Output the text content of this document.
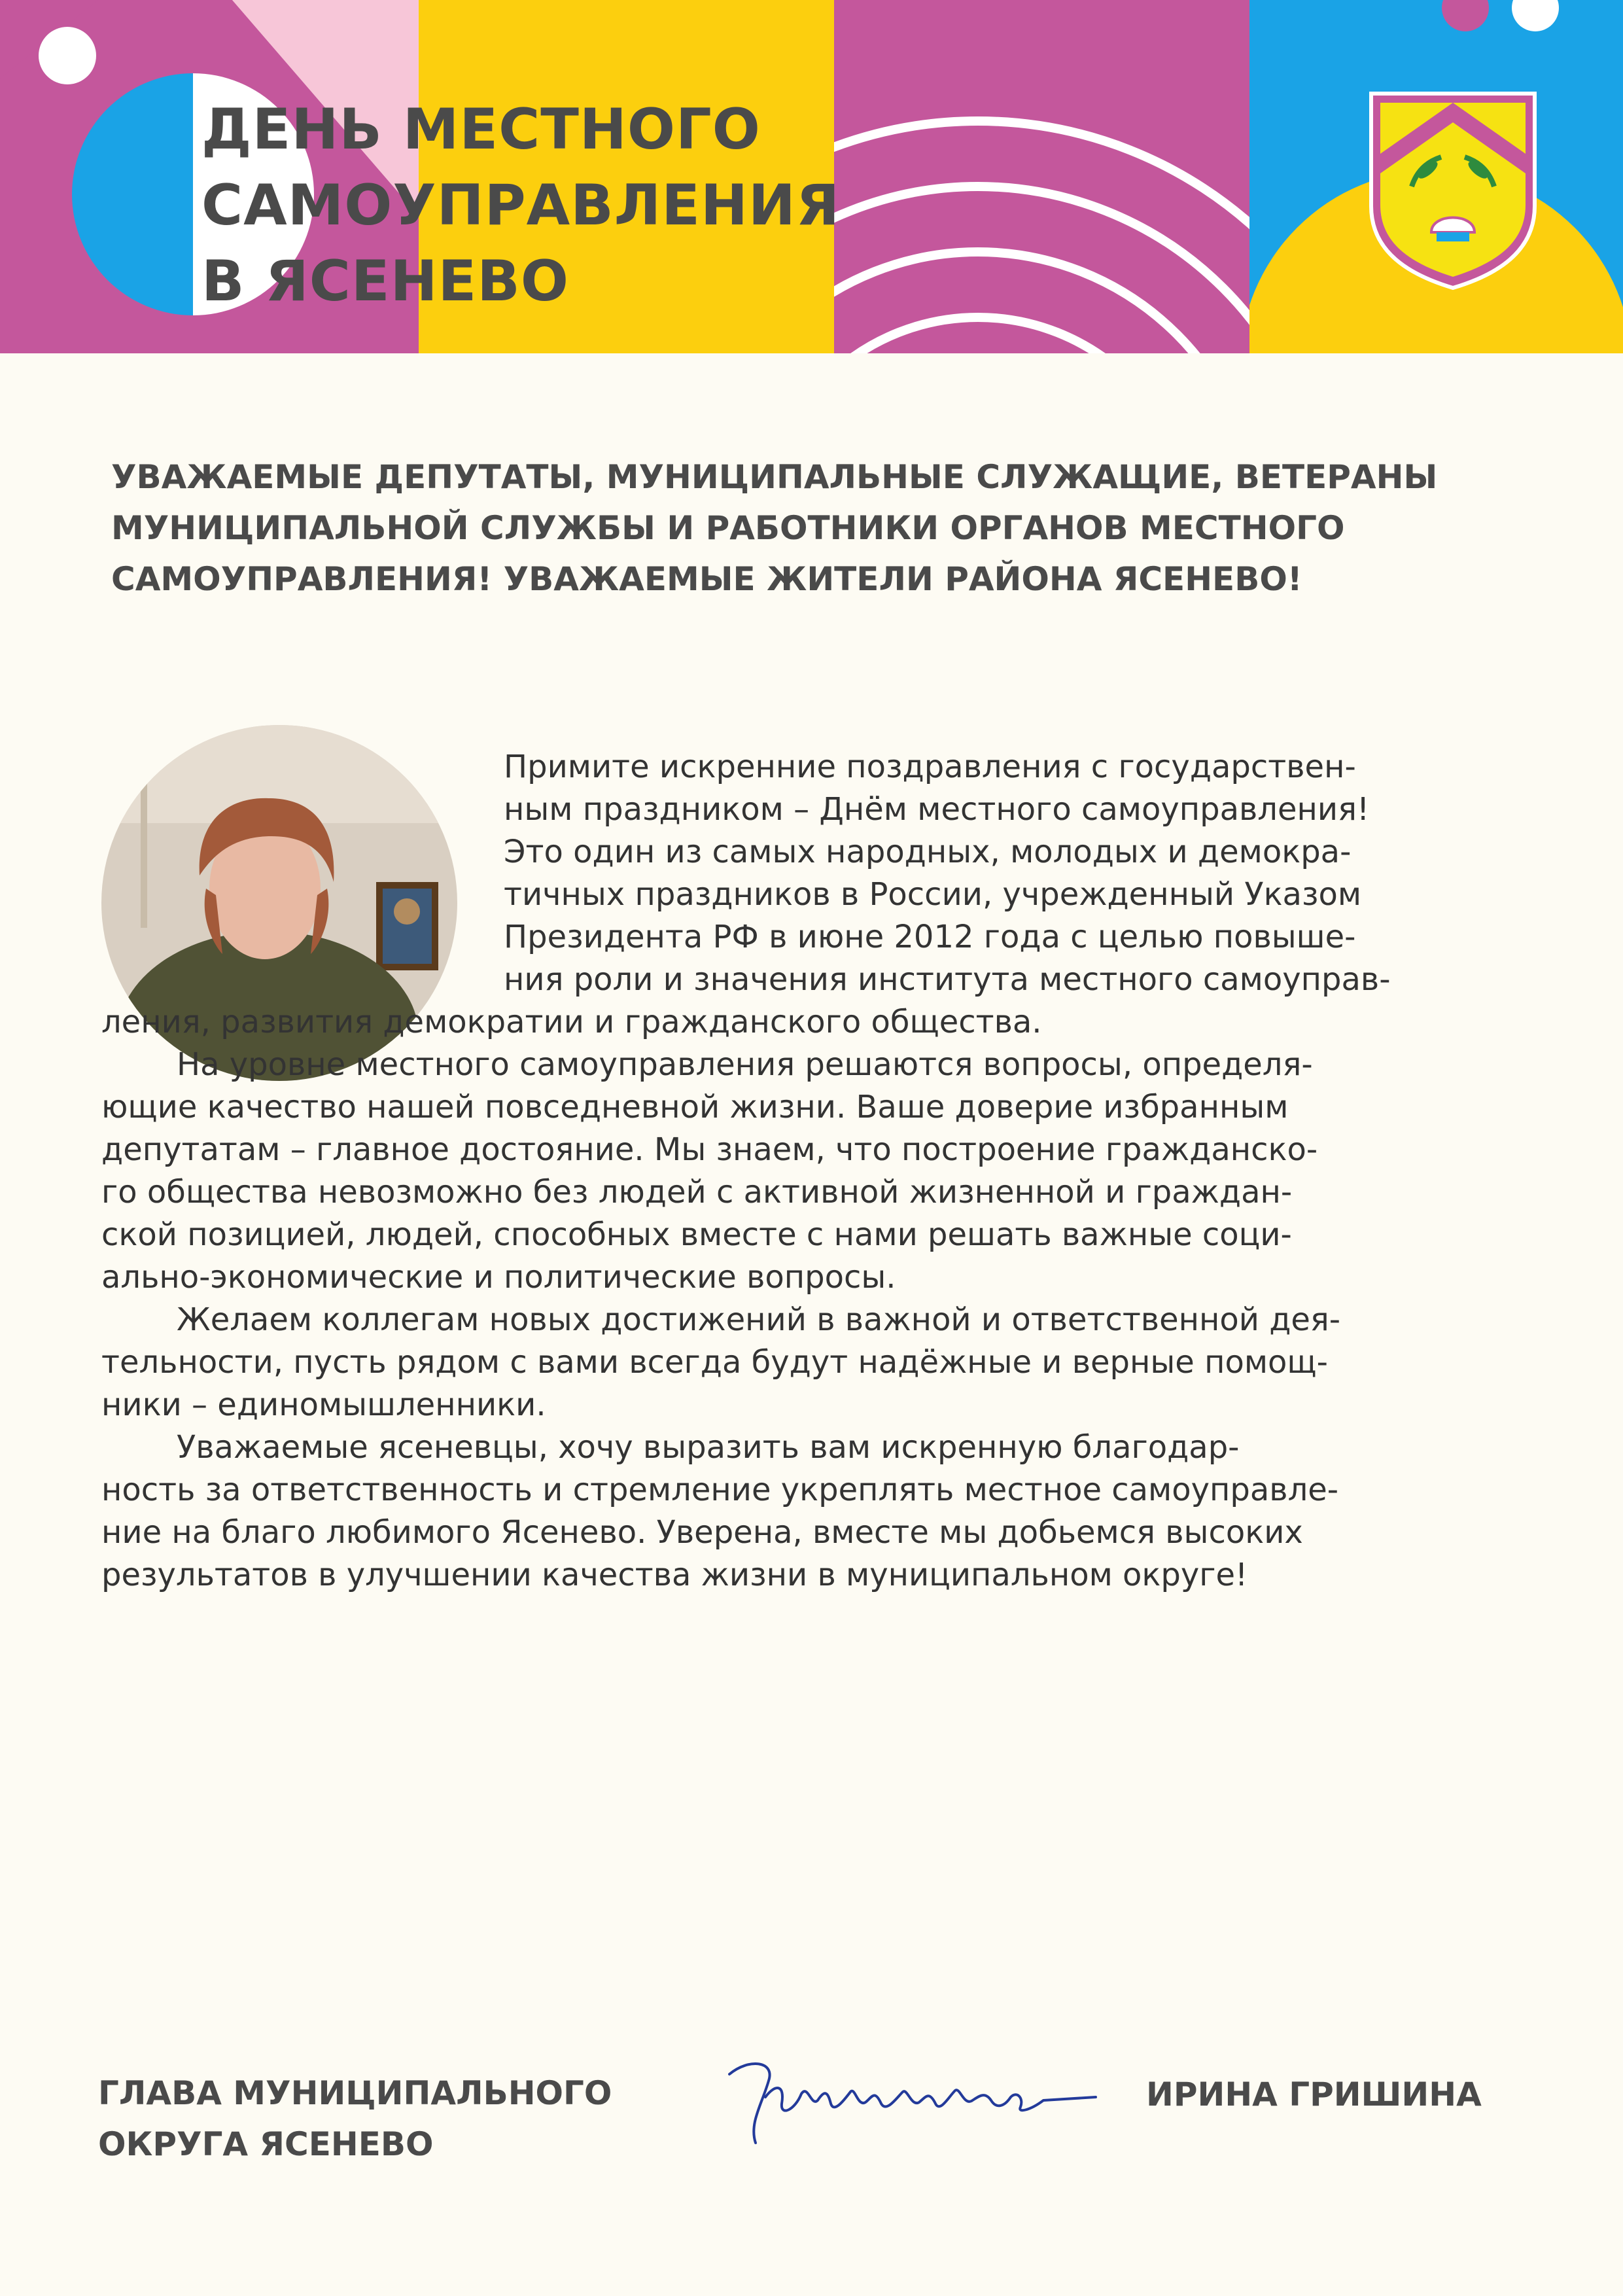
ДЕНЬ МЕСТНОГО
САМОУПРАВЛЕНИЯ
В ЯСЕНЕВО
УВАЖАЕМЫЕ ДЕПУТАТЫ, МУНИЦИПАЛЬНЫЕ СЛУЖАЩИЕ, ВЕТЕРАНЫ
МУНИЦИПАЛЬНОЙ СЛУЖБЫ И РАБОТНИКИ ОРГАНОВ МЕСТНОГО
САМОУПРАВЛЕНИЯ! УВАЖАЕМЫЕ ЖИТЕЛИ РАЙОНА ЯСЕНЕВО!
Примите искренние поздравления с государствен-
ным праздником – Днём местного самоуправления!
Это один из самых народных, молодых и демокра-
тичных праздников в России, учрежденный Указом
Президента РФ в июне 2012 года с целью повыше-
ния роли и значения института местного самоуправ-
ления, развития демократии и гражданского общества.
На уровне местного самоуправления решаются вопросы, определя-
ющие качество нашей повседневной жизни. Ваше доверие избранным
депутатам – главное достояние. Мы знаем, что построение гражданско-
го общества невозможно без людей с активной жизненной и граждан-
ской позицией, людей, способных вместе с нами решать важные соци-
ально-экономические и политические вопросы.
Желаем коллегам новых достижений в важной и ответственной дея-
тельности, пусть рядом с вами всегда будут надёжные и верные помощ-
ники – единомышленники.
Уважаемые ясеневцы, хочу выразить вам искренную благодар-
ность за ответственность и стремление укреплять местное самоуправле-
ние на благо любимого Ясенево. Уверена, вместе мы добьемся высоких
результатов в улучшении качества жизни в муниципальном округе!
ГЛАВА МУНИЦИПАЛЬНОГО
ОКРУГА ЯСЕНЕВО
ИРИНА ГРИШИНА
